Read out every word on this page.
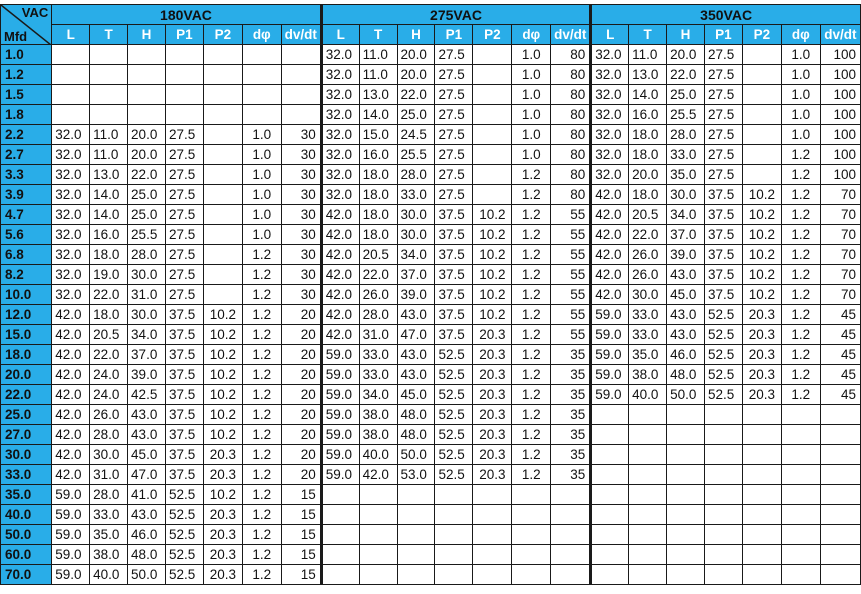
VAC
Mfd	180VAC							275VAC							350VAC						
	L	T	H	P1	P2	dφ	dv/dt	L	T	H	P1	P2	dφ	dv/dt	L	T	H	P1	P2	dφ	dv/dt
1.0								32.0	11.0	20.0	27.5		1.0	80	32.0	11.0	20.0	27.5		1.0	100
1.2								32.0	11.0	20.0	27.5		1.0	80	32.0	13.0	22.0	27.5		1.0	100
1.5								32.0	13.0	22.0	27.5		1.0	80	32.0	14.0	25.0	27.5		1.0	100
1.8								32.0	14.0	25.0	27.5		1.0	80	32.0	16.0	25.5	27.5		1.0	100
2.2	32.0	11.0	20.0	27.5		1.0	30	32.0	15.0	24.5	27.5		1.0	80	32.0	18.0	28.0	27.5		1.0	100
2.7	32.0	11.0	20.0	27.5		1.0	30	32.0	16.0	25.5	27.5		1.0	80	32.0	18.0	33.0	27.5		1.2	100
3.3	32.0	13.0	22.0	27.5		1.0	30	32.0	18.0	28.0	27.5		1.2	80	32.0	20.0	35.0	27.5		1.2	100
3.9	32.0	14.0	25.0	27.5		1.0	30	32.0	18.0	33.0	27.5		1.2	80	42.0	18.0	30.0	37.5	10.2	1.2	70
4.7	32.0	14.0	25.0	27.5		1.0	30	42.0	18.0	30.0	37.5	10.2	1.2	55	42.0	20.5	34.0	37.5	10.2	1.2	70
5.6	32.0	16.0	25.5	27.5		1.0	30	42.0	18.0	30.0	37.5	10.2	1.2	55	42.0	22.0	37.0	37.5	10.2	1.2	70
6.8	32.0	18.0	28.0	27.5		1.2	30	42.0	20.5	34.0	37.5	10.2	1.2	55	42.0	26.0	39.0	37.5	10.2	1.2	70
8.2	32.0	19.0	30.0	27.5		1.2	30	42.0	22.0	37.0	37.5	10.2	1.2	55	42.0	26.0	43.0	37.5	10.2	1.2	70
10.0	32.0	22.0	31.0	27.5		1.2	30	42.0	26.0	39.0	37.5	10.2	1.2	55	42.0	30.0	45.0	37.5	10.2	1.2	70
12.0	42.0	18.0	30.0	37.5	10.2	1.2	20	42.0	28.0	43.0	37.5	10.2	1.2	55	59.0	33.0	43.0	52.5	20.3	1.2	45
15.0	42.0	20.5	34.0	37.5	10.2	1.2	20	42.0	31.0	47.0	37.5	20.3	1.2	55	59.0	33.0	43.0	52.5	20.3	1.2	45
18.0	42.0	22.0	37.0	37.5	10.2	1.2	20	59.0	33.0	43.0	52.5	20.3	1.2	35	59.0	35.0	46.0	52.5	20.3	1.2	45
20.0	42.0	24.0	39.0	37.5	10.2	1.2	20	59.0	33.0	43.0	52.5	20.3	1.2	35	59.0	38.0	48.0	52.5	20.3	1.2	45
22.0	42.0	24.0	42.5	37.5	10.2	1.2	20	59.0	34.0	45.0	52.5	20.3	1.2	35	59.0	40.0	50.0	52.5	20.3	1.2	45
25.0	42.0	26.0	43.0	37.5	10.2	1.2	20	59.0	38.0	48.0	52.5	20.3	1.2	35							
27.0	42.0	28.0	43.0	37.5	10.2	1.2	20	59.0	38.0	48.0	52.5	20.3	1.2	35							
30.0	42.0	30.0	45.0	37.5	20.3	1.2	20	59.0	40.0	50.0	52.5	20.3	1.2	35							
33.0	42.0	31.0	47.0	37.5	20.3	1.2	20	59.0	42.0	53.0	52.5	20.3	1.2	35							
35.0	59.0	28.0	41.0	52.5	10.2	1.2	15														
40.0	59.0	33.0	43.0	52.5	20.3	1.2	15														
50.0	59.0	35.0	46.0	52.5	20.3	1.2	15														
60.0	59.0	38.0	48.0	52.5	20.3	1.2	15														
70.0	59.0	40.0	50.0	52.5	20.3	1.2	15														
